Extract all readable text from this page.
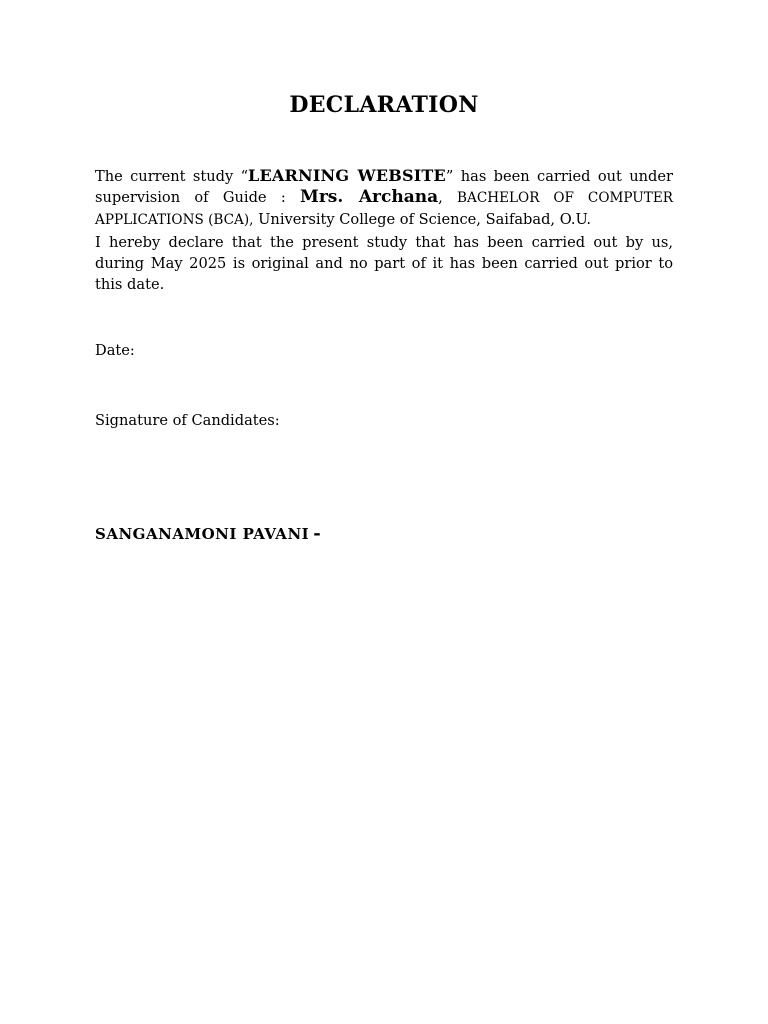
DECLARATION

The current study “LEARNING WEBSITE” has been carried out under supervision of Guide : Mrs. Archana, BACHELOR OF COMPUTER APPLICATIONS (BCA), University College of Science, Saifabad, O.U.

I hereby declare that the present study that has been carried out by us, during May 2025 is original and no part of it has been carried out prior to this date.

Date:
Signature of Candidates:
SANGANAMONI PAVANI -
